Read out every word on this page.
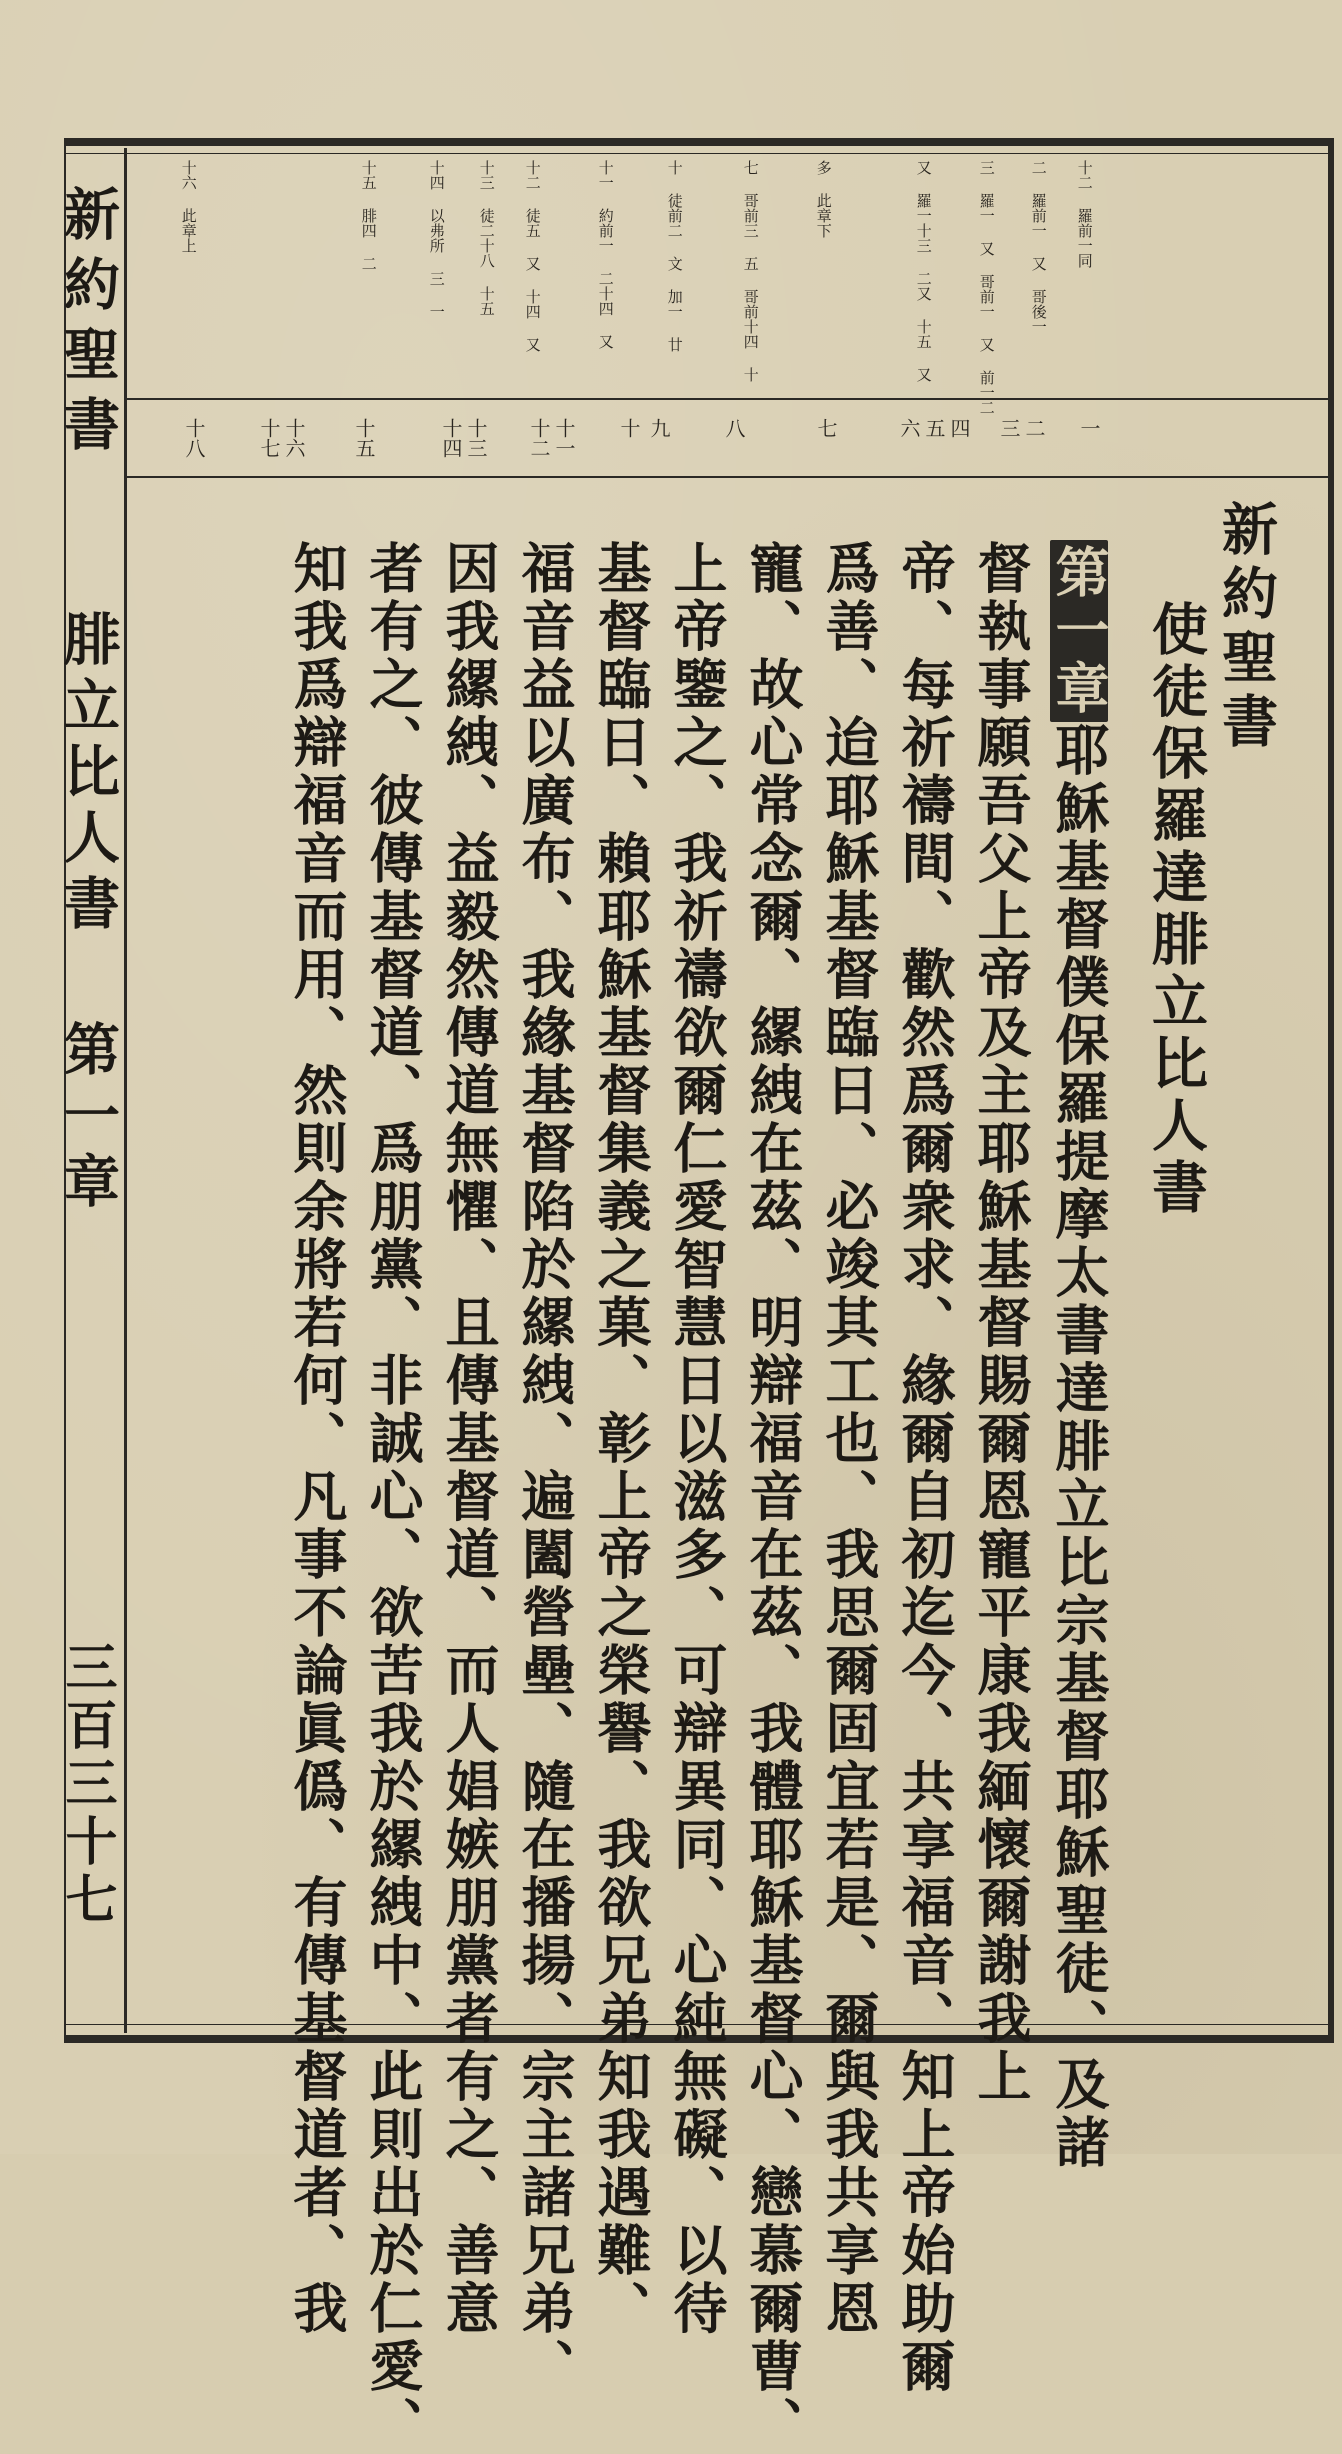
新約聖書
腓立比人書
第一章
三百三十七
十二 羅前一同
二 羅前一 又 哥後一
三 羅一 又 哥前一 又 前一二
又 羅一十三 二又 十五 又
多 此章下
七 哥前三 五 哥前十四 十
十 徒前二 文 加一 廿
十一 約前一 二十四 又
十二 徒五 又 十四 又
十三 徒二十八 十五
十四 以弗所 三 一
十五 腓四 二
十六 此章上
一
二
三
四
五
六
七
八
九
十
十一
十二
十三
十四
十五
十六
十七
十八
新約聖書
使徒保羅達腓立比人書
第一章耶穌基督僕保羅提摩太書達腓立比宗基督耶穌聖徒、及諸
督執事願吾父上帝及主耶穌基督賜爾恩寵平康我緬懷爾謝我上
帝、每祈禱間、歡然爲爾衆求、緣爾自初迄今、共享福音、知上帝始助爾
爲善、迨耶穌基督臨日、必竣其工也、我思爾固宜若是、爾與我共享恩
寵、故心常念爾、縲絏在茲、明辯福音在茲、我體耶穌基督心、戀慕爾曹、
上帝鑒之、我祈禱欲爾仁愛智慧日以滋多、可辯異同、心純無礙、以待
基督臨日、賴耶穌基督集義之菓、彰上帝之榮譽、我欲兄弟知我遇難、
福音益以廣布、我緣基督陷於縲絏、遍闔營壘、隨在播揚、宗主諸兄弟、
因我縲絏、益毅然傳道無懼、且傳基督道、而人娼嫉朋黨者有之、善意
者有之、彼傳基督道、爲朋黨、非誠心、欲苦我於縲絏中、此則出於仁愛、
知我爲辯福音而用、然則余將若何、凡事不論眞僞、有傳基督道者、我
